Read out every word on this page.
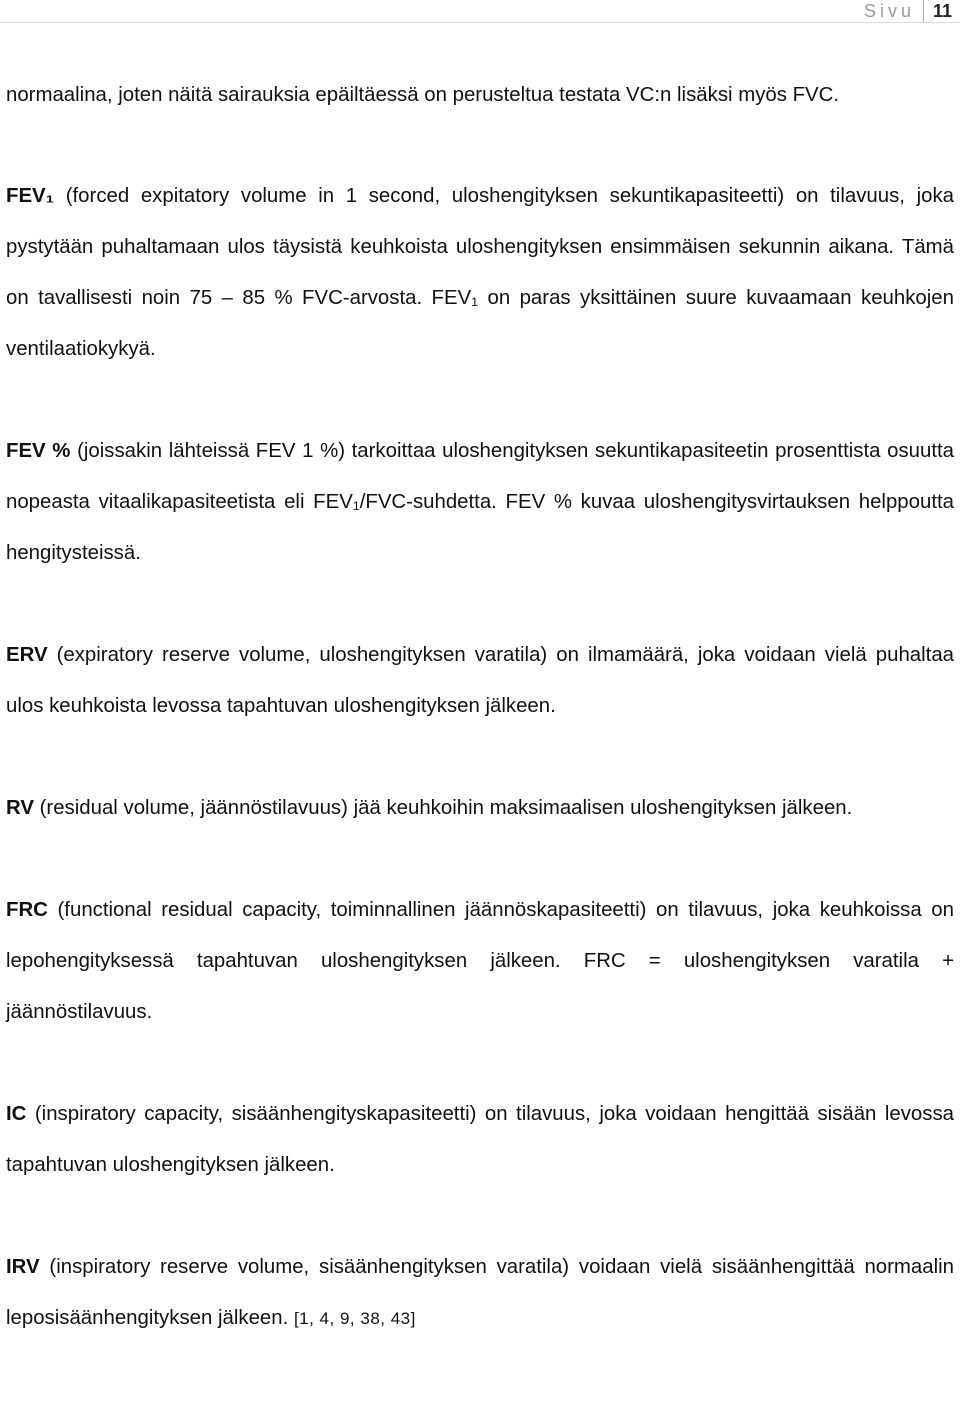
Sivu	11

normaalina, joten näitä sairauksia epäiltäessä on perusteltua testata VC:n lisäksi myös FVC.

FEV₁ (forced expitatory volume in 1 second, uloshengityksen sekuntikapasiteetti) on tilavuus, joka pystytään puhaltamaan ulos täysistä keuhkoista uloshengityksen ensimmäisen sekunnin aikana. Tämä on tavallisesti noin 75 – 85 % FVC-arvosta. FEV₁ on paras yksittäinen suure kuvaamaan keuhkojen ventilaatiokykyä.

FEV % (joissakin lähteissä FEV 1 %) tarkoittaa uloshengityksen sekuntikapasiteetin prosenttista osuutta nopeasta vitaalikapasiteetista eli FEV₁/FVC-suhdetta. FEV % kuvaa uloshengitysvirtauksen helppoutta hengitysteissä.

ERV (expiratory reserve volume, uloshengityksen varatila) on ilmamäärä, joka voidaan vielä puhaltaa ulos keuhkoista levossa tapahtuvan uloshengityksen jälkeen.

RV (residual volume, jäännöstilavuus) jää keuhkoihin maksimaalisen uloshengityksen jälkeen.

FRC (functional residual capacity, toiminnallinen jäännöskapasiteetti) on tilavuus, joka keuhkoissa on lepohengityksessä tapahtuvan uloshengityksen jälkeen. FRC = uloshengityksen varatila + jäännöstilavuus.

IC (inspiratory capacity, sisäänhengityskapasiteetti) on tilavuus, joka voidaan hengittää sisään levossa tapahtuvan uloshengityksen jälkeen.

IRV (inspiratory reserve volume, sisäänhengityksen varatila) voidaan vielä sisäänhengittää normaalin leposisäänhengityksen jälkeen. [1, 4, 9, 38, 43]
